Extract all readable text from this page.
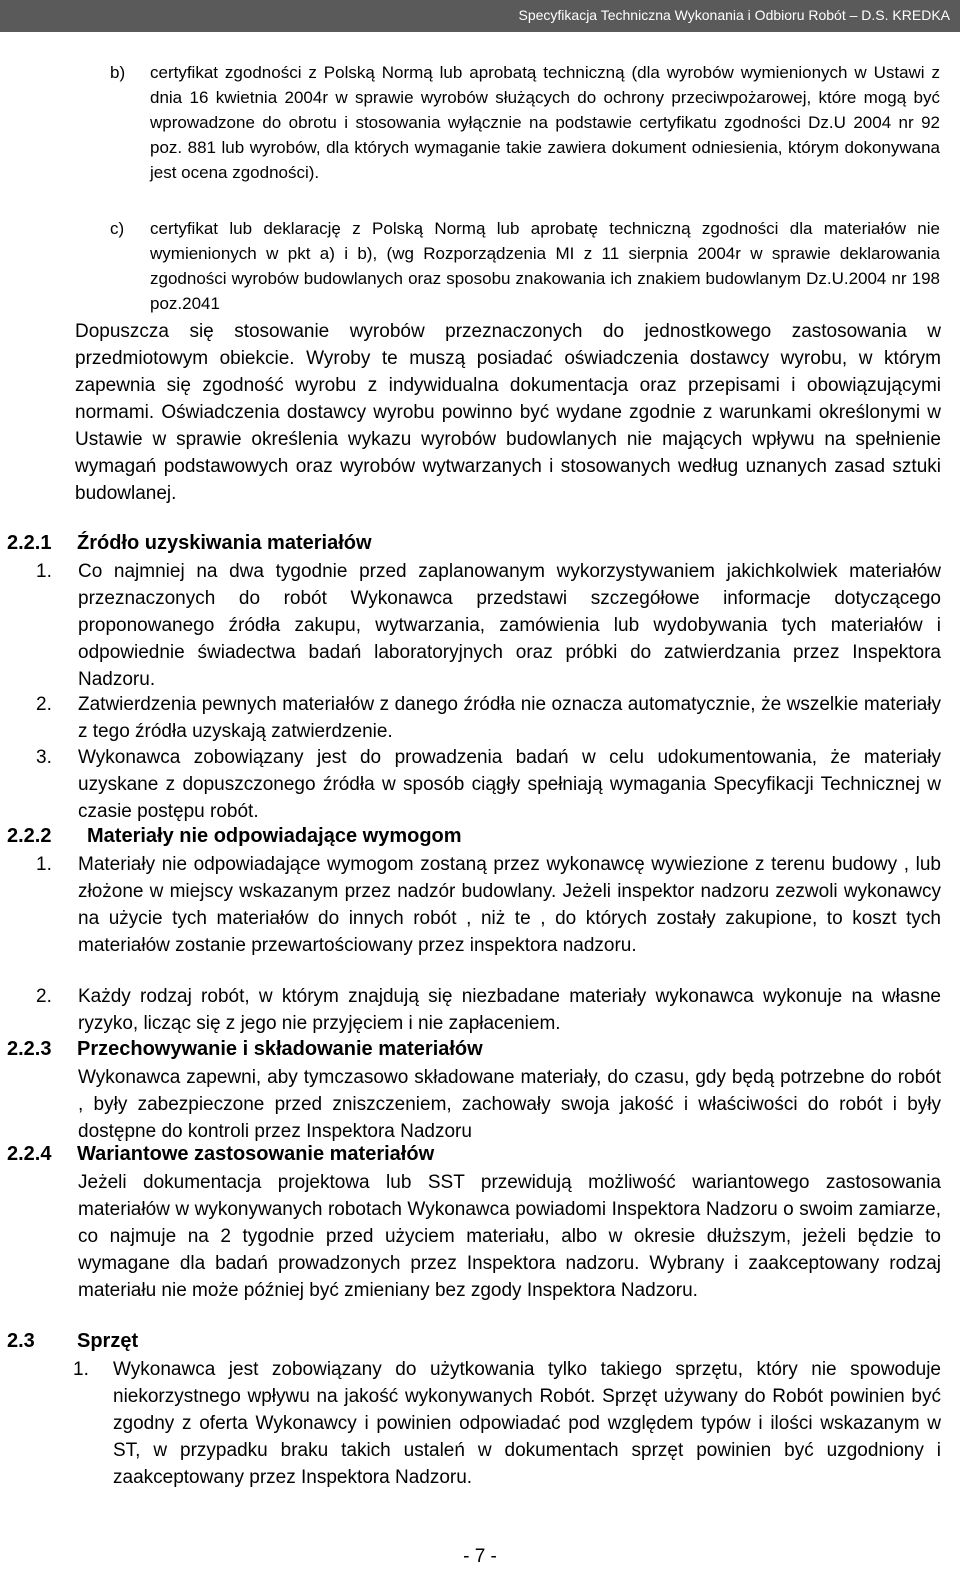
Specyfikacja Techniczna Wykonania i Odbioru Robót – D.S. KREDKA
b) certyfikat zgodności z Polską Normą lub aprobatą techniczną (dla wyrobów wymienionych w Ustawi z dnia 16 kwietnia 2004r w sprawie wyrobów służących do ochrony przeciwpożarowej, które mogą być wprowadzone do obrotu i stosowania wyłącznie na podstawie certyfikatu zgodności Dz.U 2004 nr 92 poz. 881 lub wyrobów, dla których wymaganie takie zawiera dokument odniesienia, którym dokonywana jest ocena zgodności).
c) certyfikat lub deklarację z Polską Normą lub aprobatę techniczną zgodności dla materiałów nie wymienionych w pkt a) i b), (wg Rozporządzenia MI z 11 sierpnia 2004r w sprawie deklarowania zgodności wyrobów budowlanych oraz sposobu znakowania ich znakiem budowlanym Dz.U.2004 nr 198 poz.2041
Dopuszcza się stosowanie wyrobów przeznaczonych do jednostkowego zastosowania w przedmiotowym obiekcie. Wyroby te muszą posiadać oświadczenia dostawcy wyrobu, w którym zapewnia się zgodność wyrobu z indywidualna dokumentacja oraz przepisami i obowiązującymi normami. Oświadczenia dostawcy wyrobu powinno być wydane zgodnie z warunkami określonymi w Ustawie w sprawie określenia wykazu wyrobów budowlanych nie mających wpływu na spełnienie wymagań podstawowych oraz wyrobów wytwarzanych i stosowanych według uznanych zasad sztuki budowlanej.
2.2.1 Źródło uzyskiwania materiałów
1. Co najmniej na dwa tygodnie przed zaplanowanym wykorzystywaniem jakichkolwiek materiałów przeznaczonych do robót Wykonawca przedstawi szczegółowe informacje dotyczącego proponowanego źródła zakupu, wytwarzania, zamówienia lub wydobywania tych materiałów i odpowiednie świadectwa badań laboratoryjnych oraz próbki do zatwierdzania przez Inspektora Nadzoru.
2. Zatwierdzenia pewnych materiałów z danego źródła nie oznacza automatycznie, że wszelkie materiały z tego źródła uzyskają zatwierdzenie.
3. Wykonawca zobowiązany jest do prowadzenia badań w celu udokumentowania, że materiały uzyskane z dopuszczonego źródła w sposób ciągły spełniają wymagania Specyfikacji Technicznej w czasie postępu robót.
2.2.2 Materiały nie odpowiadające wymogom
1. Materiały nie odpowiadające wymogom zostaną przez wykonawcę wywiezione z terenu budowy , lub złożone w miejscy wskazanym przez nadzór budowlany. Jeżeli inspektor nadzoru zezwoli wykonawcy na użycie tych materiałów do innych robót , niż te , do których zostały zakupione, to koszt tych materiałów zostanie przewartościowany przez inspektora nadzoru.
2. Każdy rodzaj robót, w którym znajdują się niezbadane materiały wykonawca wykonuje na własne ryzyko, licząc się z jego nie przyjęciem i nie zapłaceniem.
2.2.3 Przechowywanie i składowanie materiałów
Wykonawca zapewni, aby tymczasowo składowane materiały, do czasu, gdy będą potrzebne do robót , były zabezpieczone przed zniszczeniem, zachowały swoja jakość i właściwości do robót i były dostępne do kontroli przez Inspektora Nadzoru
2.2.4 Wariantowe zastosowanie materiałów
Jeżeli dokumentacja projektowa lub SST przewidują możliwość wariantowego zastosowania materiałów w wykonywanych robotach Wykonawca powiadomi Inspektora Nadzoru o swoim zamiarze, co najmuje na 2 tygodnie przed użyciem materiału, albo w okresie dłuższym, jeżeli będzie to wymagane dla badań prowadzonych przez Inspektora nadzoru. Wybrany i zaakceptowany rodzaj materiału nie może później być zmieniany bez zgody Inspektora Nadzoru.
2.3 Sprzęt
1. Wykonawca jest zobowiązany do użytkowania tylko takiego sprzętu, który nie spowoduje niekorzystnego wpływu na jakość wykonywanych Robót. Sprzęt używany do Robót powinien być zgodny z oferta Wykonawcy i powinien odpowiadać pod względem typów i ilości wskazanym w ST, w przypadku braku takich ustaleń w dokumentach sprzęt powinien być uzgodniony i zaakceptowany przez Inspektora Nadzoru.
- 7 -
